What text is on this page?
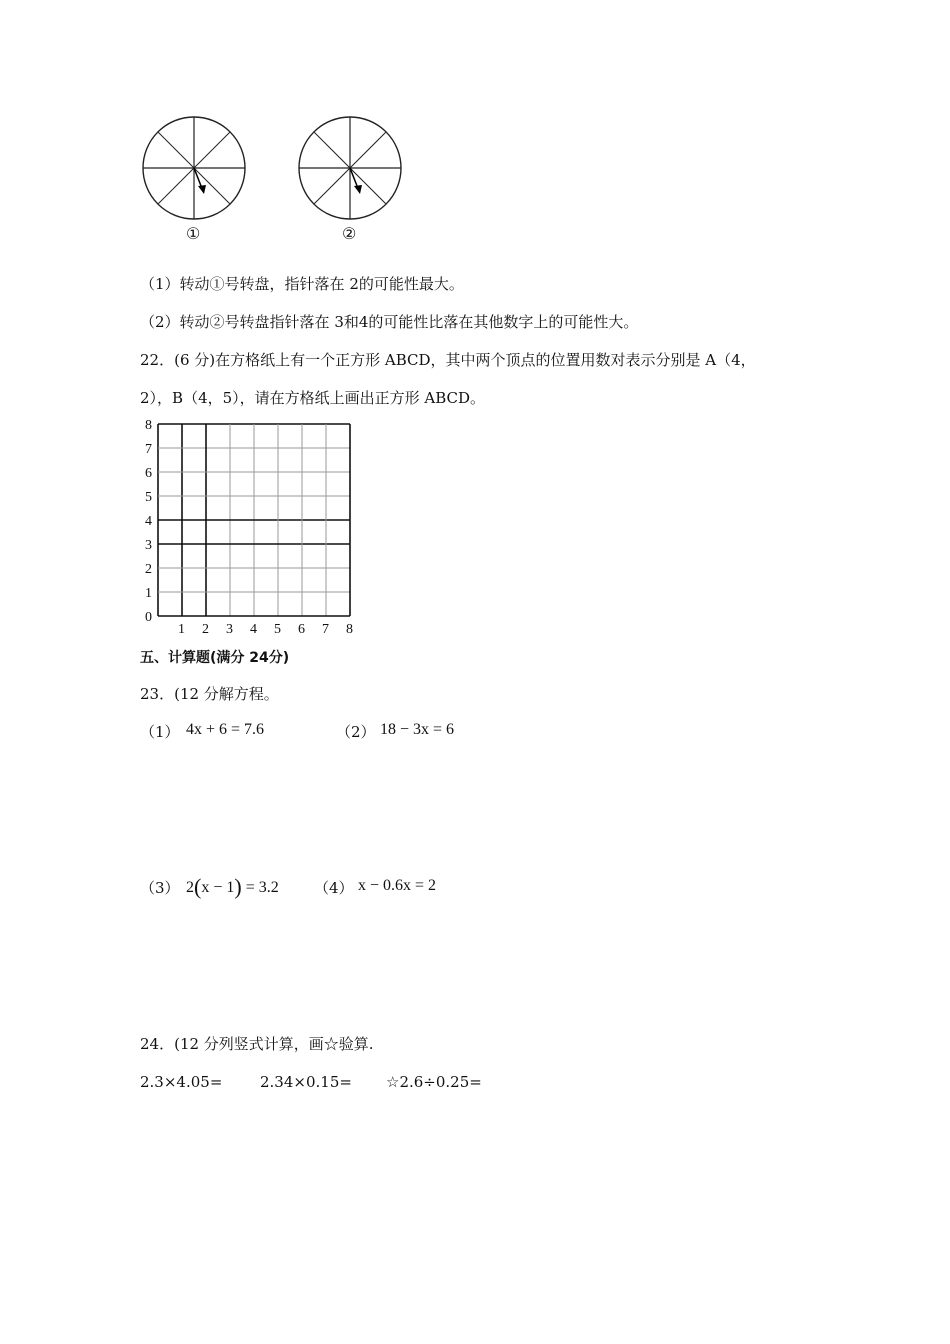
①	②
（1）转动①号转盘，指针落在 2的可能性最大。
（2）转动②号转盘指针落在 3和4的可能性比落在其他数字上的可能性大。
22．(6 分)在方格纸上有一个正方形 ABCD，其中两个顶点的位置用数对表示分别是 A（4，
2），B（4，5），请在方格纸上画出正方形 ABCD。
0
1
2
3
4
5
6
7
8
1 2 3 4 5 6 7 8
五、计算题(满分 24分)
23．(12 分解方程。
（1） 4x + 6 = 7.6	（2） 18 − 3x = 6
（3） 2(x − 1) = 3.2 （4） x − 0.6x = 2
24．(12 分列竖式计算，画☆验算.
2.3×4.05=	2.34×0.15= ☆2.6÷0.25=
